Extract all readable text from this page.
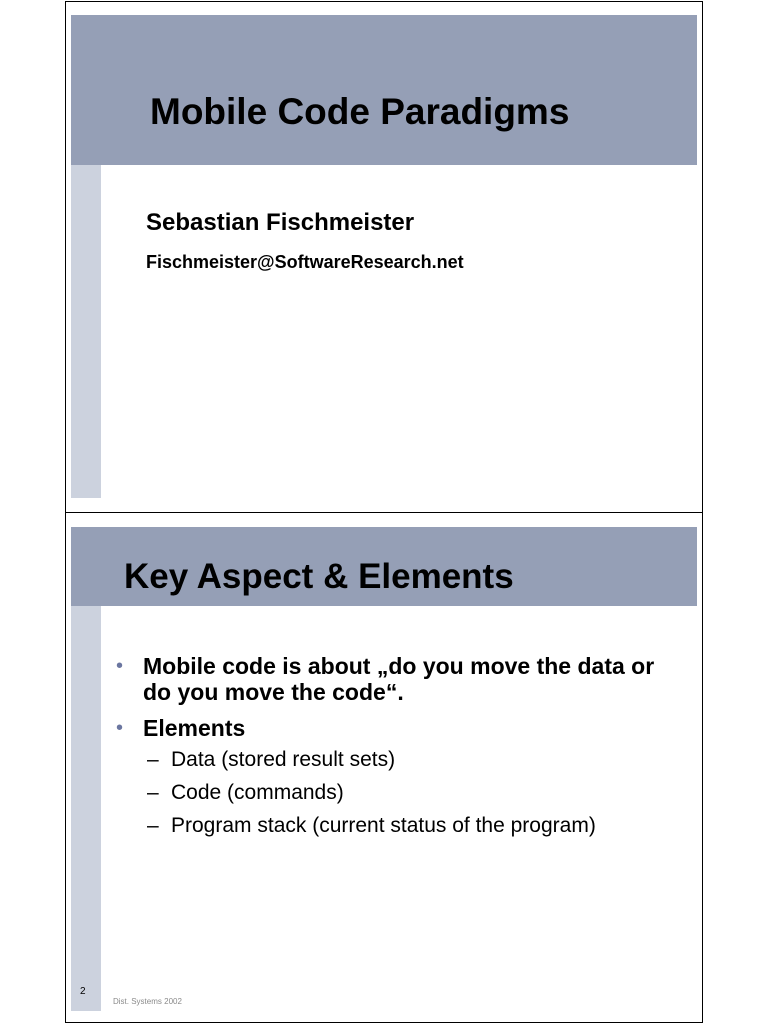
Mobile Code Paradigms

Sebastian Fischmeister

Fischmeister@SoftwareResearch.net

Key Aspect & Elements
• Mobile code is about „do you move the data or do you move the code“.
• Elements
– Data (stored result sets)
– Code (commands)
– Program stack (current status of the program)
2
Dist. Systems 2002
